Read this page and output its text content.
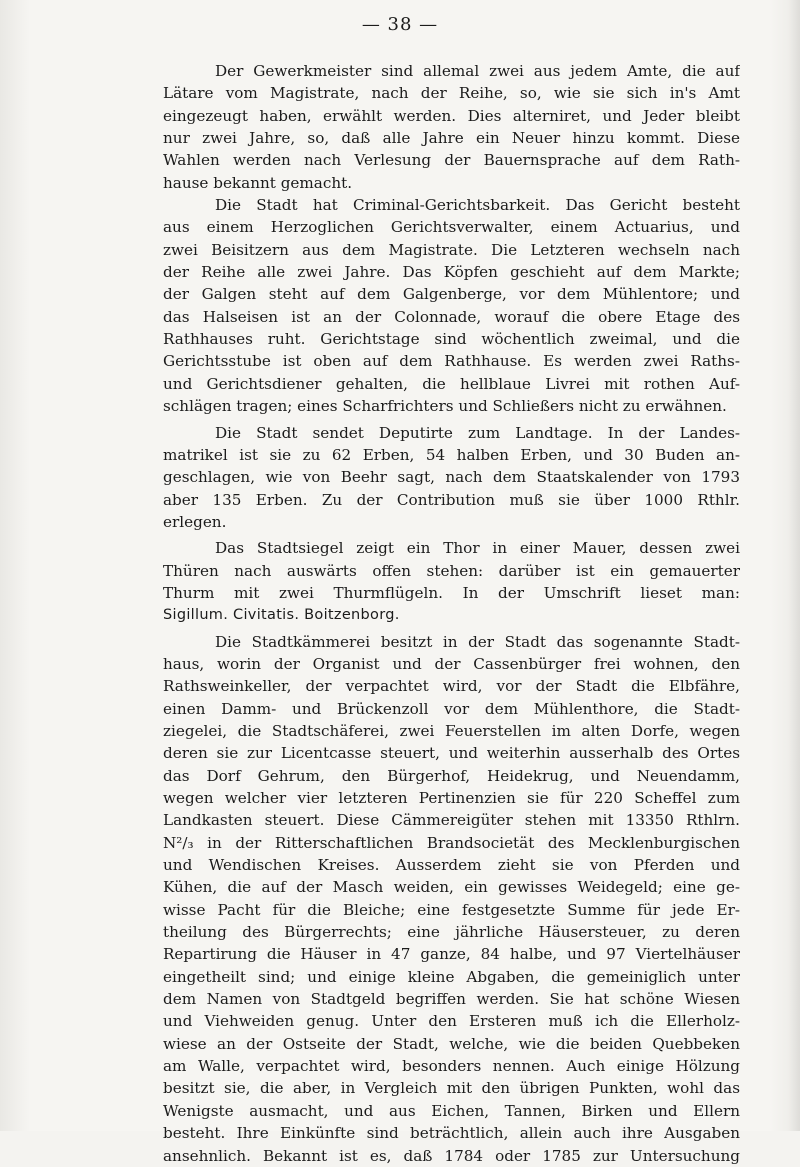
— 38 —
Der Gewerkmeister sind allemal zwei aus jedem Amte, die auf
Lätare vom Magistrate, nach der Reihe, so, wie sie sich in's Amt
eingezeugt haben, erwählt werden. Dies alterniret, und Jeder bleibt
nur zwei Jahre, so, daß alle Jahre ein Neuer hinzu kommt. Diese
Wahlen werden nach Verlesung der Bauernsprache auf dem Rath-
hause bekannt gemacht.
Die Stadt hat Criminal-Gerichtsbarkeit. Das Gericht besteht
aus einem Herzoglichen Gerichtsverwalter, einem Actuarius, und
zwei Beisitzern aus dem Magistrate. Die Letzteren wechseln nach
der Reihe alle zwei Jahre. Das Köpfen geschieht auf dem Markte;
der Galgen steht auf dem Galgenberge, vor dem Mühlentore; und
das Halseisen ist an der Colonnade, worauf die obere Etage des
Rathhauses ruht. Gerichtstage sind wöchentlich zweimal, und die
Gerichtsstube ist oben auf dem Rathhause. Es werden zwei Raths-
und Gerichtsdiener gehalten, die hellblaue Livrei mit rothen Auf-
schlägen tragen; eines Scharfrichters und Schließers nicht zu erwähnen.
Die Stadt sendet Deputirte zum Landtage. In der Landes-
matrikel ist sie zu 62 Erben, 54 halben Erben, und 30 Buden an-
geschlagen, wie von Beehr sagt, nach dem Staatskalender von 1793
aber 135 Erben. Zu der Contribution muß sie über 1000 Rthlr.
erlegen.
Das Stadtsiegel zeigt ein Thor in einer Mauer, dessen zwei
Thüren nach auswärts offen stehen: darüber ist ein gemauerter
Thurm mit zwei Thurmflügeln. In der Umschrift lieset man:
Sigillum. Civitatis. Boitzenborg.
Die Stadtkämmerei besitzt in der Stadt das sogenannte Stadt-
haus, worin der Organist und der Cassenbürger frei wohnen, den
Rathsweinkeller, der verpachtet wird, vor der Stadt die Elbfähre,
einen Damm- und Brückenzoll vor dem Mühlenthore, die Stadt-
ziegelei, die Stadtschäferei, zwei Feuerstellen im alten Dorfe, wegen
deren sie zur Licentcasse steuert, und weiterhin ausserhalb des Ortes
das Dorf Gehrum, den Bürgerhof, Heidekrug, und Neuendamm,
wegen welcher vier letzteren Pertinenzien sie für 220 Scheffel zum
Landkasten steuert. Diese Cämmereigüter stehen mit 13350 Rthlrn.
N²/₃ in der Ritterschaftlichen Brandsocietät des Mecklenburgischen
und Wendischen Kreises. Ausserdem zieht sie von Pferden und
Kühen, die auf der Masch weiden, ein gewisses Weidegeld; eine ge-
wisse Pacht für die Bleiche; eine festgesetzte Summe für jede Er-
theilung des Bürgerrechts; eine jährliche Häusersteuer, zu deren
Repartirung die Häuser in 47 ganze, 84 halbe, und 97 Viertelhäuser
eingetheilt sind; und einige kleine Abgaben, die gemeiniglich unter
dem Namen von Stadtgeld begriffen werden. Sie hat schöne Wiesen
und Viehweiden genug. Unter den Ersteren muß ich die Ellerholz-
wiese an der Ostseite der Stadt, welche, wie die beiden Quebbeken
am Walle, verpachtet wird, besonders nennen. Auch einige Hölzung
besitzt sie, die aber, in Vergleich mit den übrigen Punkten, wohl das
Wenigste ausmacht, und aus Eichen, Tannen, Birken und Ellern
besteht. Ihre Einkünfte sind beträchtlich, allein auch ihre Ausgaben
ansehnlich. Bekannt ist es, daß 1784 oder 1785 zur Untersuchung
